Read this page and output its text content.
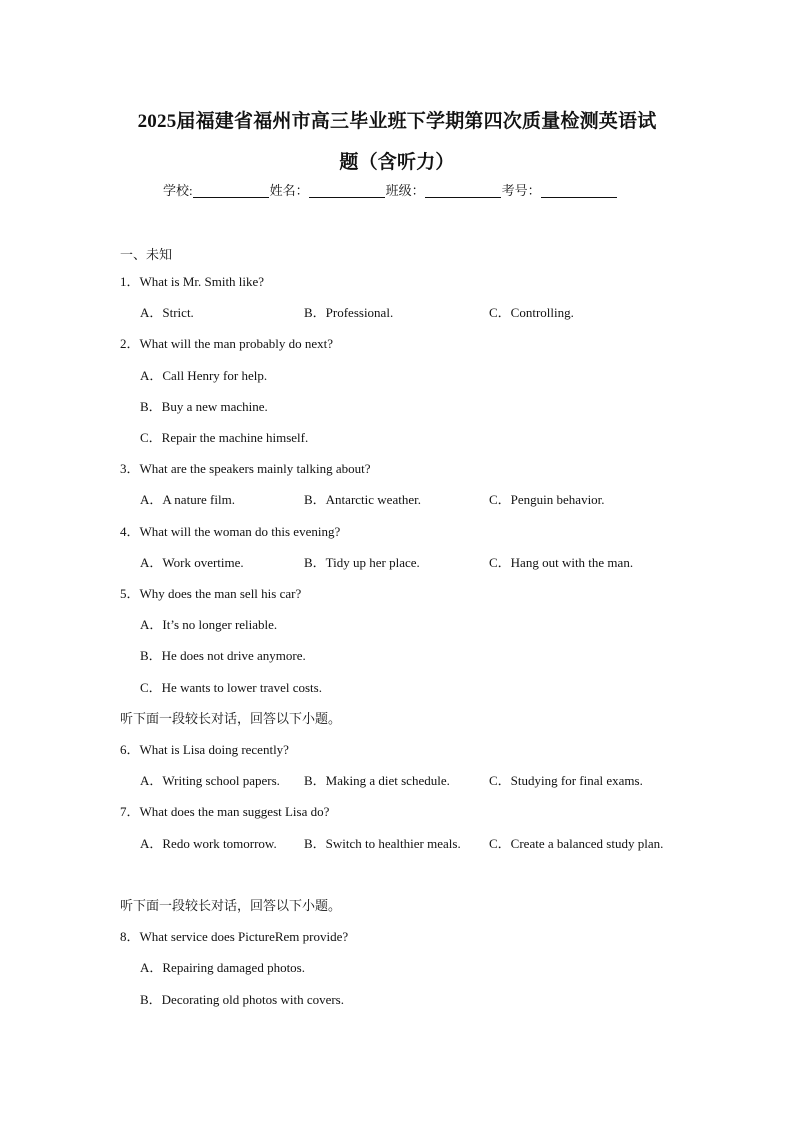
2025届福建省福州市高三毕业班下学期第四次质量检测英语试
题（含听力）
学校:	姓名：	班级：	考号：
一、未知
1．What is Mr. Smith like?
A．Strict.	B．Professional.	C．Controlling.
2．What will the man probably do next?
A．Call Henry for help.
B．Buy a new machine.
C．Repair the machine himself.
3．What are the speakers mainly talking about?
A．A nature film.	B．Antarctic weather.	C．Penguin behavior.
4．What will the woman do this evening?
A．Work overtime.	B．Tidy up her place.	C．Hang out with the man.
5．Why does the man sell his car?
A．It’s no longer reliable.
B．He does not drive anymore.
C．He wants to lower travel costs.
听下面一段较长对话，回答以下小题。
6．What is Lisa doing recently?
A．Writing school papers. B．Making a diet schedule.	C．Studying for final exams.
7．What does the man suggest Lisa do?
A．Redo work tomorrow. B．Switch to healthier meals. C．Create a balanced study plan.
听下面一段较长对话，回答以下小题。
8．What service does PictureRem provide?
A．Repairing damaged photos.
B．Decorating old photos with covers.
